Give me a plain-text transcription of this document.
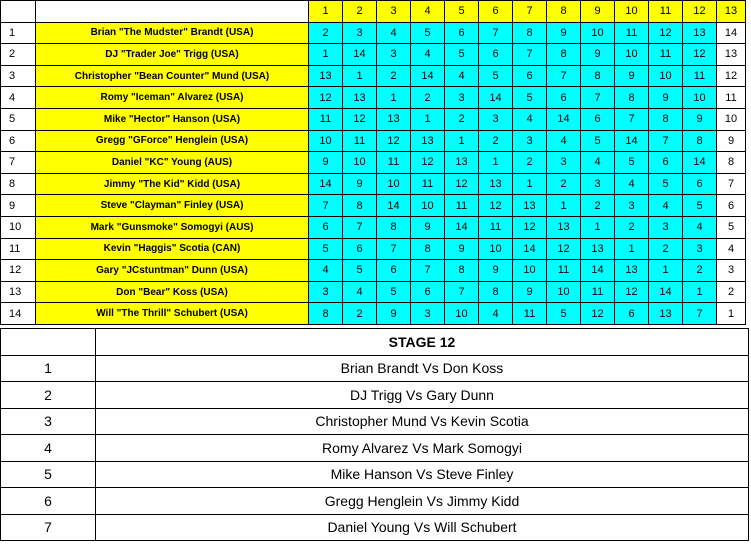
		1	2	3	4	5	6	7	8	9	10	11	12	13
1	Brian "The Mudster" Brandt (USA)	2	3	4	5	6	7	8	9	10	11	12	13	14
2	DJ "Trader Joe" Trigg (USA)	1	14	3	4	5	6	7	8	9	10	11	12	13
3	Christopher "Bean Counter" Mund (USA)	13	1	2	14	4	5	6	7	8	9	10	11	12
4	Romy "Iceman" Alvarez (USA)	12	13	1	2	3	14	5	6	7	8	9	10	11
5	Mike "Hector" Hanson (USA)	11	12	13	1	2	3	4	14	6	7	8	9	10
6	Gregg "GForce" Henglein (USA)	10	11	12	13	1	2	3	4	5	14	7	8	9
7	Daniel "KC" Young (AUS)	9	10	11	12	13	1	2	3	4	5	6	14	8
8	Jimmy "The Kid" Kidd (USA)	14	9	10	11	12	13	1	2	3	4	5	6	7
9	Steve "Clayman" Finley (USA)	7	8	14	10	11	12	13	1	2	3	4	5	6
10	Mark "Gunsmoke" Somogyi (AUS)	6	7	8	9	14	11	12	13	1	2	3	4	5
11	Kevin "Haggis" Scotia (CAN)	5	6	7	8	9	10	14	12	13	1	2	3	4
12	Gary "JCstuntman" Dunn (USA)	4	5	6	7	8	9	10	11	14	13	1	2	3
13	Don "Bear" Koss (USA)	3	4	5	6	7	8	9	10	11	12	14	1	2
14	Will "The Thrill" Schubert (USA)	8	2	9	3	10	4	11	5	12	6	13	7	1
	STAGE 12
1	Brian Brandt Vs Don Koss
2	DJ Trigg Vs Gary Dunn
3	Christopher Mund Vs Kevin Scotia
4	Romy Alvarez Vs Mark Somogyi
5	Mike Hanson Vs Steve Finley
6	Gregg Henglein Vs Jimmy Kidd
7	Daniel Young Vs Will Schubert
